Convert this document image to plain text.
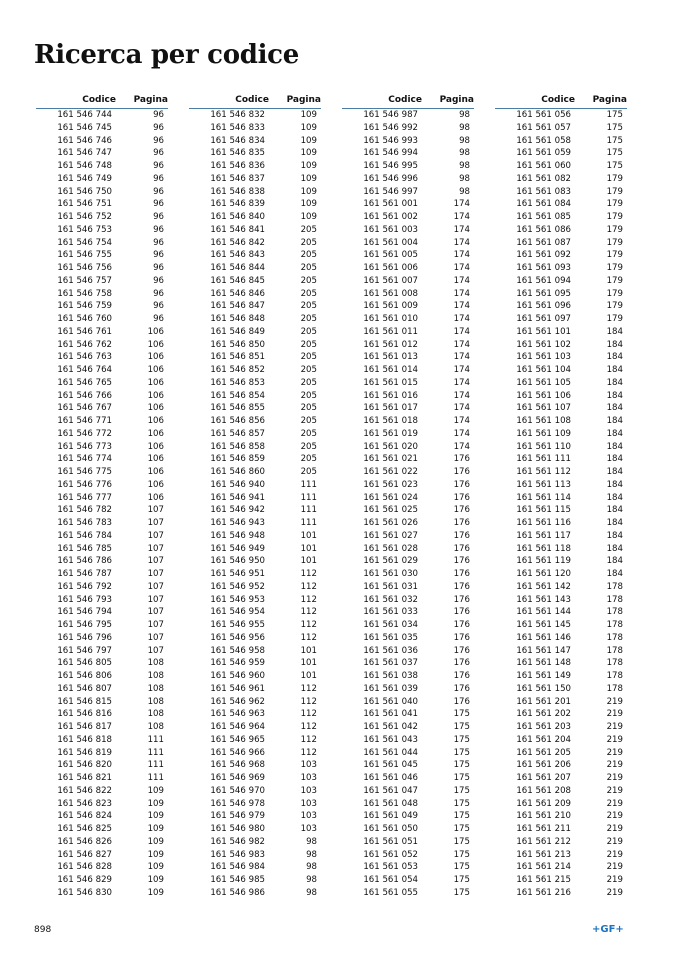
Ricerca per codice
Codice Pagina
161 546 744	96
161 546 745	96
161 546 746	96
161 546 747	96
161 546 748	96
161 546 749	96
161 546 750	96
161 546 751	96
161 546 752	96
161 546 753	96
161 546 754	96
161 546 755	96
161 546 756	96
161 546 757	96
161 546 758	96
161 546 759	96
161 546 760	96
161 546 761	106
161 546 762	106
161 546 763	106
161 546 764	106
161 546 765	106
161 546 766	106
161 546 767	106
161 546 771	106
161 546 772	106
161 546 773	106
161 546 774	106
161 546 775	106
161 546 776	106
161 546 777	106
161 546 782	107
161 546 783	107
161 546 784	107
161 546 785	107
161 546 786	107
161 546 787	107
161 546 792	107
161 546 793	107
161 546 794	107
161 546 795	107
161 546 796	107
161 546 797	107
161 546 805	108
161 546 806	108
161 546 807	108
161 546 815	108
161 546 816	108
161 546 817	108
161 546 818	111
161 546 819	111
161 546 820	111
161 546 821	111
161 546 822	109
161 546 823	109
161 546 824	109
161 546 825	109
161 546 826	109
161 546 827	109
161 546 828	109
161 546 829	109
161 546 830	109
Codice Pagina
161 546 832	109
161 546 833	109
161 546 834	109
161 546 835	109
161 546 836	109
161 546 837	109
161 546 838	109
161 546 839	109
161 546 840	109
161 546 841	205
161 546 842	205
161 546 843	205
161 546 844	205
161 546 845	205
161 546 846	205
161 546 847	205
161 546 848	205
161 546 849	205
161 546 850	205
161 546 851	205
161 546 852	205
161 546 853	205
161 546 854	205
161 546 855	205
161 546 856	205
161 546 857	205
161 546 858	205
161 546 859	205
161 546 860	205
161 546 940	111
161 546 941	111
161 546 942	111
161 546 943	111
161 546 948	101
161 546 949	101
161 546 950	101
161 546 951	112
161 546 952	112
161 546 953	112
161 546 954	112
161 546 955	112
161 546 956	112
161 546 958	101
161 546 959	101
161 546 960	101
161 546 961	112
161 546 962	112
161 546 963	112
161 546 964	112
161 546 965	112
161 546 966	112
161 546 968	103
161 546 969	103
161 546 970	103
161 546 978	103
161 546 979	103
161 546 980	103
161 546 982	98
161 546 983	98
161 546 984	98
161 546 985	98
161 546 986	98
Codice Pagina
161 546 987	98
161 546 992	98
161 546 993	98
161 546 994	98
161 546 995	98
161 546 996	98
161 546 997	98
161 561 001	174
161 561 002	174
161 561 003	174
161 561 004	174
161 561 005	174
161 561 006	174
161 561 007	174
161 561 008	174
161 561 009	174
161 561 010	174
161 561 011	174
161 561 012	174
161 561 013	174
161 561 014	174
161 561 015	174
161 561 016	174
161 561 017	174
161 561 018	174
161 561 019	174
161 561 020	174
161 561 021	176
161 561 022	176
161 561 023	176
161 561 024	176
161 561 025	176
161 561 026	176
161 561 027	176
161 561 028	176
161 561 029	176
161 561 030	176
161 561 031	176
161 561 032	176
161 561 033	176
161 561 034	176
161 561 035	176
161 561 036	176
161 561 037	176
161 561 038	176
161 561 039	176
161 561 040	176
161 561 041	175
161 561 042	175
161 561 043	175
161 561 044	175
161 561 045	175
161 561 046	175
161 561 047	175
161 561 048	175
161 561 049	175
161 561 050	175
161 561 051	175
161 561 052	175
161 561 053	175
161 561 054	175
161 561 055	175
Codice Pagina
161 561 056	175
161 561 057	175
161 561 058	175
161 561 059	175
161 561 060	175
161 561 082	179
161 561 083	179
161 561 084	179
161 561 085	179
161 561 086	179
161 561 087	179
161 561 092	179
161 561 093	179
161 561 094	179
161 561 095	179
161 561 096	179
161 561 097	179
161 561 101	184
161 561 102	184
161 561 103	184
161 561 104	184
161 561 105	184
161 561 106	184
161 561 107	184
161 561 108	184
161 561 109	184
161 561 110	184
161 561 111	184
161 561 112	184
161 561 113	184
161 561 114	184
161 561 115	184
161 561 116	184
161 561 117	184
161 561 118	184
161 561 119	184
161 561 120	184
161 561 142	178
161 561 143	178
161 561 144	178
161 561 145	178
161 561 146	178
161 561 147	178
161 561 148	178
161 561 149	178
161 561 150	178
161 561 201	219
161 561 202	219
161 561 203	219
161 561 204	219
161 561 205	219
161 561 206	219
161 561 207	219
161 561 208	219
161 561 209	219
161 561 210	219
161 561 211	219
161 561 212	219
161 561 213	219
161 561 214	219
161 561 215	219
161 561 216	219
898	+GF+
